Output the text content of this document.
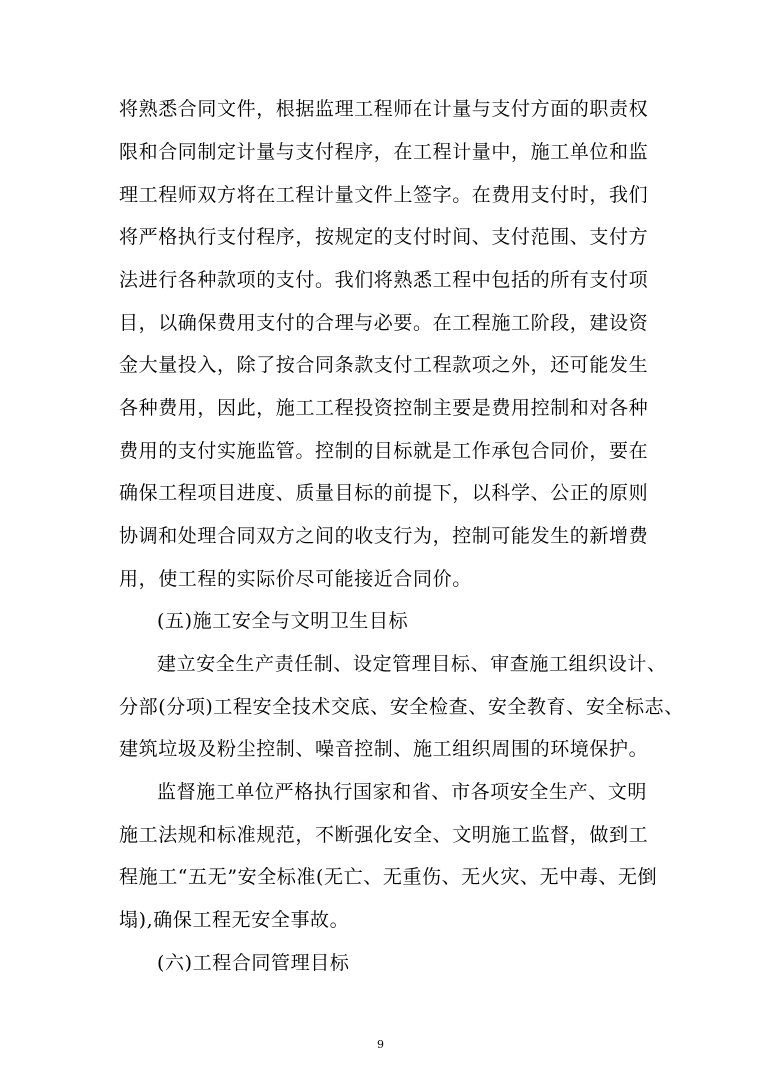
将熟悉合同文件，根据监理工程师在计量与支付方面的职责权
限和合同制定计量与支付程序，在工程计量中，施工单位和监
理工程师双方将在工程计量文件上签字。在费用支付时，我们
将严格执行支付程序，按规定的支付时间、支付范围、支付方
法进行各种款项的支付。我们将熟悉工程中包括的所有支付项
目，以确保费用支付的合理与必要。在工程施工阶段，建设资
金大量投入，除了按合同条款支付工程款项之外，还可能发生
各种费用，因此，施工工程投资控制主要是费用控制和对各种
费用的支付实施监管。控制的目标就是工作承包合同价，要在
确保工程项目进度、质量目标的前提下，以科学、公正的原则
协调和处理合同双方之间的收支行为，控制可能发生的新增费
用，使工程的实际价尽可能接近合同价。
(五)施工安全与文明卫生目标
建立安全生产责任制、设定管理目标、审查施工组织设计、
分部(分项)工程安全技术交底、安全检查、安全教育、安全标志、
建筑垃圾及粉尘控制、噪音控制、施工组织周围的环境保护。
监督施工单位严格执行国家和省、市各项安全生产、文明
施工法规和标准规范，不断强化安全、文明施工监督，做到工
程施工“五无”安全标准(无亡、无重伤、无火灾、无中毒、无倒
塌),确保工程无安全事故。
(六)工程合同管理目标
9
